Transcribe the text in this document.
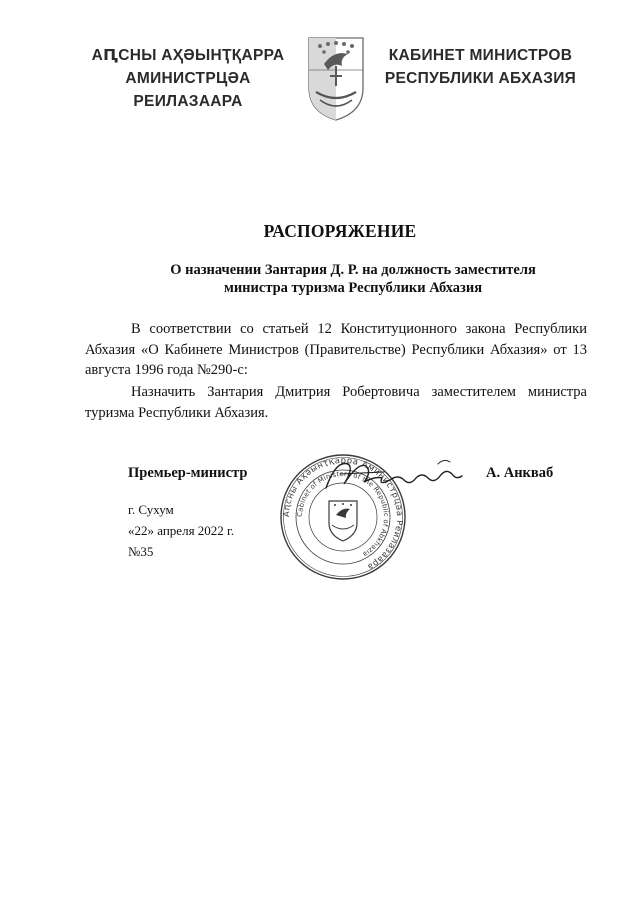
АԤСНЫ АҲӘЫНҬҚАРРА
АМИНИСТРЦӘА РЕИЛАЗААРА
КАБИНЕТ МИНИСТРОВ
РЕСПУБЛИКИ АБХАЗИЯ
РАСПОРЯЖЕНИЕ
О назначении Зантария Д. Р. на должность заместителя
министра туризма Республики Абхазия

В соответствии со статьей 12 Конституционного закона Республики Абхазия «О Кабинете Министров (Правительстве) Республики Абхазия» от 13 августа 1996 года №290-с:

Назначить Зантария Дмитрия Робертовича заместителем министра туризма Республики Абхазия.

Премьер-министр
Аԥсны Аҳәынҭқарра Аминистрцәа Реилазаара
Cabinet of Ministers of the Republic of Abkhazia
А. Анкваб
г. Сухум
«22» апреля 2022 г.
№35
